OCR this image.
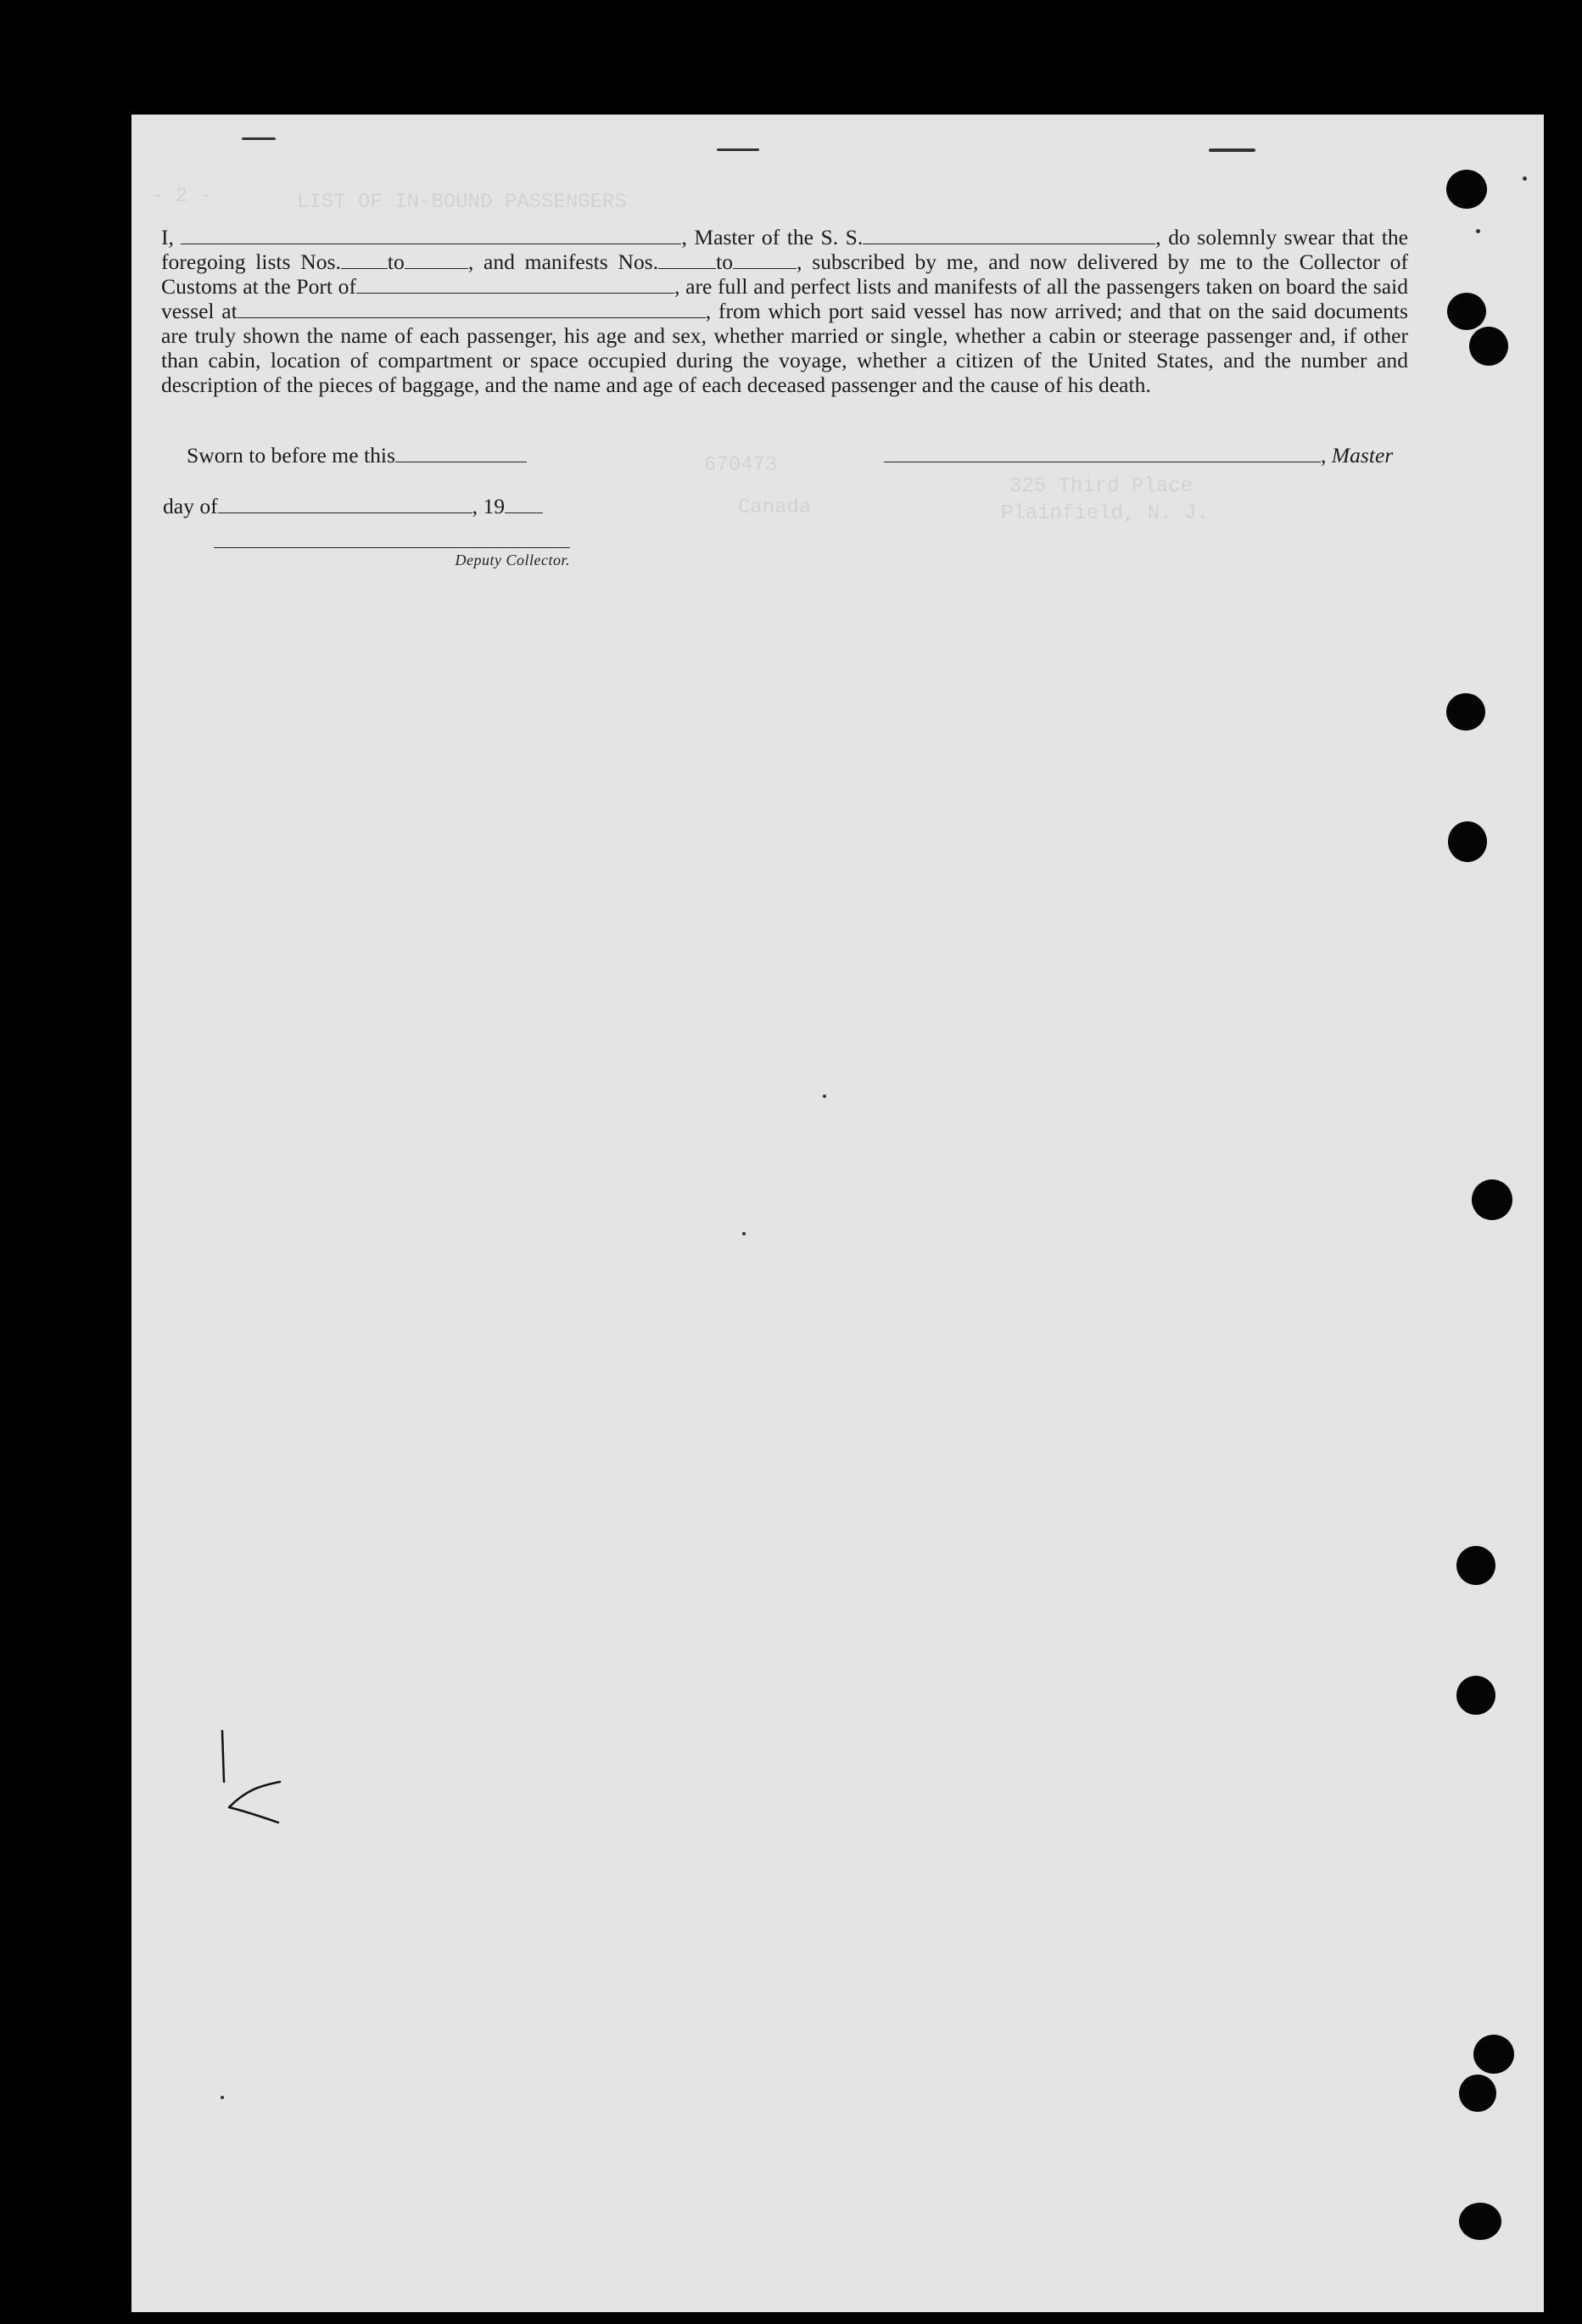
- 2 -	LIST OF IN-BOUND PASSENGERS
670473
325 Third Place
Plainfield, N. J.
Canada

I,	, Master of the S. S.	, do solemnly swear that the foregoing lists Nos. to	, and manifests Nos.	to	, subscribed by me, and now delivered by me to the Collector of Customs at the Port of	, are full and perfect lists and manifests of all the passengers taken on board the said vessel at	, from which port said vessel has now arrived; and that on the said documents are truly shown the name of each passenger, his age and sex, whether married or single, whether a cabin or steerage passenger and, if other than cabin, location of compartment or space occupied during the voyage, whether a citizen of the United States, and the number and description of the pieces of baggage, and the name and age of each deceased passenger and the cause of his death.

Sworn to before me this	, Master
day of	, 19
Deputy Collector.
